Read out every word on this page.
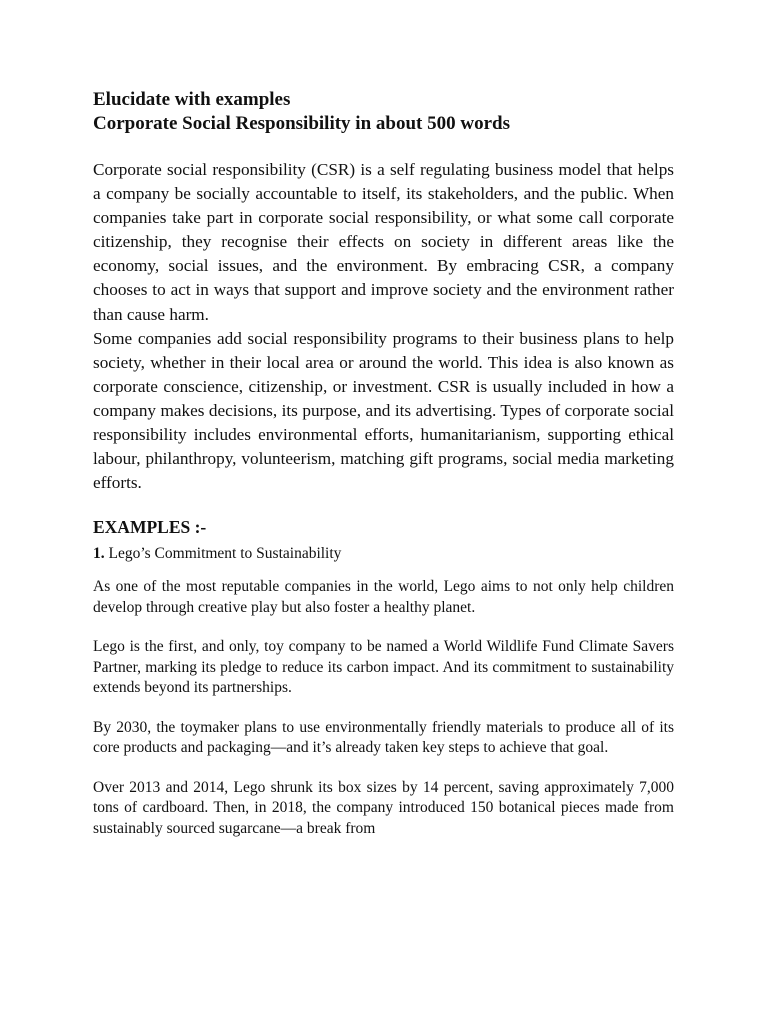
Elucidate with examples

Corporate Social Responsibility in about 500 words

Corporate social responsibility (CSR) is a self regulating business model that helps a company be socially accountable to itself, its stakeholders, and the public. When companies take part in corporate social responsibility, or what some call corporate citizenship, they recognise their effects on society in different areas like the economy, social issues, and the environment. By embracing CSR, a company chooses to act in ways that support and improve society and the environment rather than cause harm.

Some companies add social responsibility programs to their business plans to help society, whether in their local area or around the world. This idea is also known as corporate conscience, citizenship, or investment. CSR is usually included in how a company makes decisions, its purpose, and its advertising. Types of corporate social responsibility includes environmental efforts, humanitarianism, supporting ethical labour, philanthropy, volunteerism, matching gift programs, social media marketing efforts.

EXAMPLES :-

1. Lego’s Commitment to Sustainability

As one of the most reputable companies in the world, Lego aims to not only help children develop through creative play but also foster a healthy planet.

Lego is the first, and only, toy company to be named a World Wildlife Fund Climate Savers Partner, marking its pledge to reduce its carbon impact. And its commitment to sustainability extends beyond its partnerships.

By 2030, the toymaker plans to use environmentally friendly materials to produce all of its core products and packaging—and it’s already taken key steps to achieve that goal.

Over 2013 and 2014, Lego shrunk its box sizes by 14 percent, saving approximately 7,000 tons of cardboard. Then, in 2018, the company introduced 150 botanical pieces made from sustainably sourced sugarcane—a break from
